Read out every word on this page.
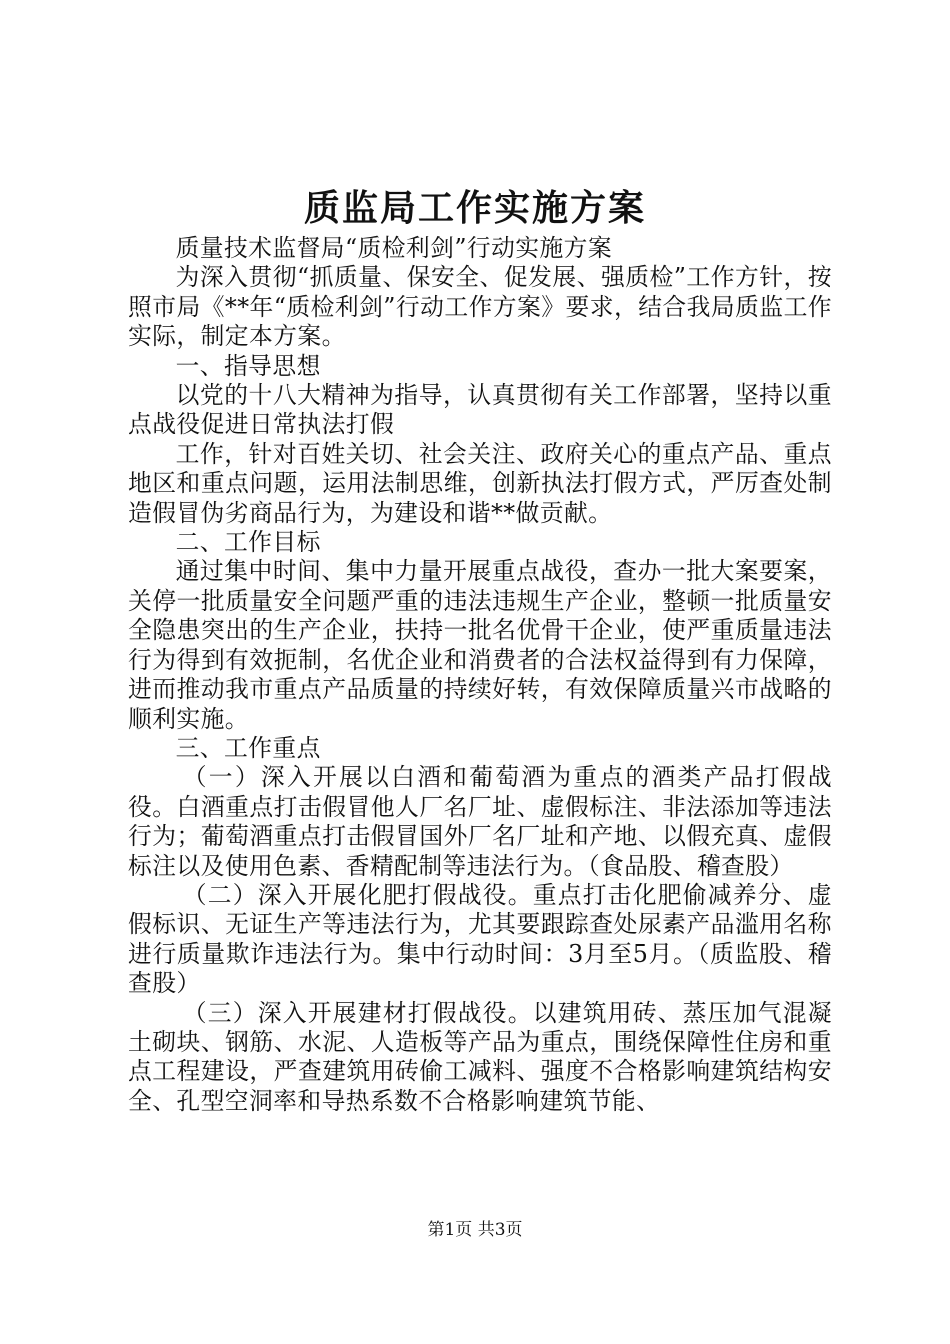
质监局工作实施方案

质量技术监督局“质检利剑”行动实施方案

为深入贯彻“抓质量、保安全、促发展、强质检”工作方针，按照市局《**年“质检利剑”行动工作方案》要求，结合我局质监工作实际，制定本方案。

一、指导思想

以党的十八大精神为指导，认真贯彻有关工作部署，坚持以重点战役促进日常执法打假

工作，针对百姓关切、社会关注、政府关心的重点产品、重点地区和重点问题，运用法制思维，创新执法打假方式，严厉查处制造假冒伪劣商品行为，为建设和谐**做贡献。

二、工作目标

通过集中时间、集中力量开展重点战役，查办一批大案要案，关停一批质量安全问题严重的违法违规生产企业，整顿一批质量安全隐患突出的生产企业，扶持一批名优骨干企业，使严重质量违法行为得到有效扼制，名优企业和消费者的合法权益得到有力保障，进而推动我市重点产品质量的持续好转，有效保障质量兴市战略的顺利实施。

三、工作重点

（一）深入开展以白酒和葡萄酒为重点的酒类产品打假战役。白酒重点打击假冒他人厂名厂址、虚假标注、非法添加等违法行为；葡萄酒重点打击假冒国外厂名厂址和产地、以假充真、虚假标注以及使用色素、香精配制等违法行为。（食品股、稽查股）

（二）深入开展化肥打假战役。重点打击化肥偷减养分、虚假标识、无证生产等违法行为，尤其要跟踪查处尿素产品滥用名称进行质量欺诈违法行为。集中行动时间：3月至5月。（质监股、稽查股）

（三）深入开展建材打假战役。以建筑用砖、蒸压加气混凝土砌块、钢筋、水泥、人造板等产品为重点，围绕保障性住房和重点工程建设，严查建筑用砖偷工减料、强度不合格影响建筑结构安全、孔型空洞率和导热系数不合格影响建筑节能、

第1页 共3页
